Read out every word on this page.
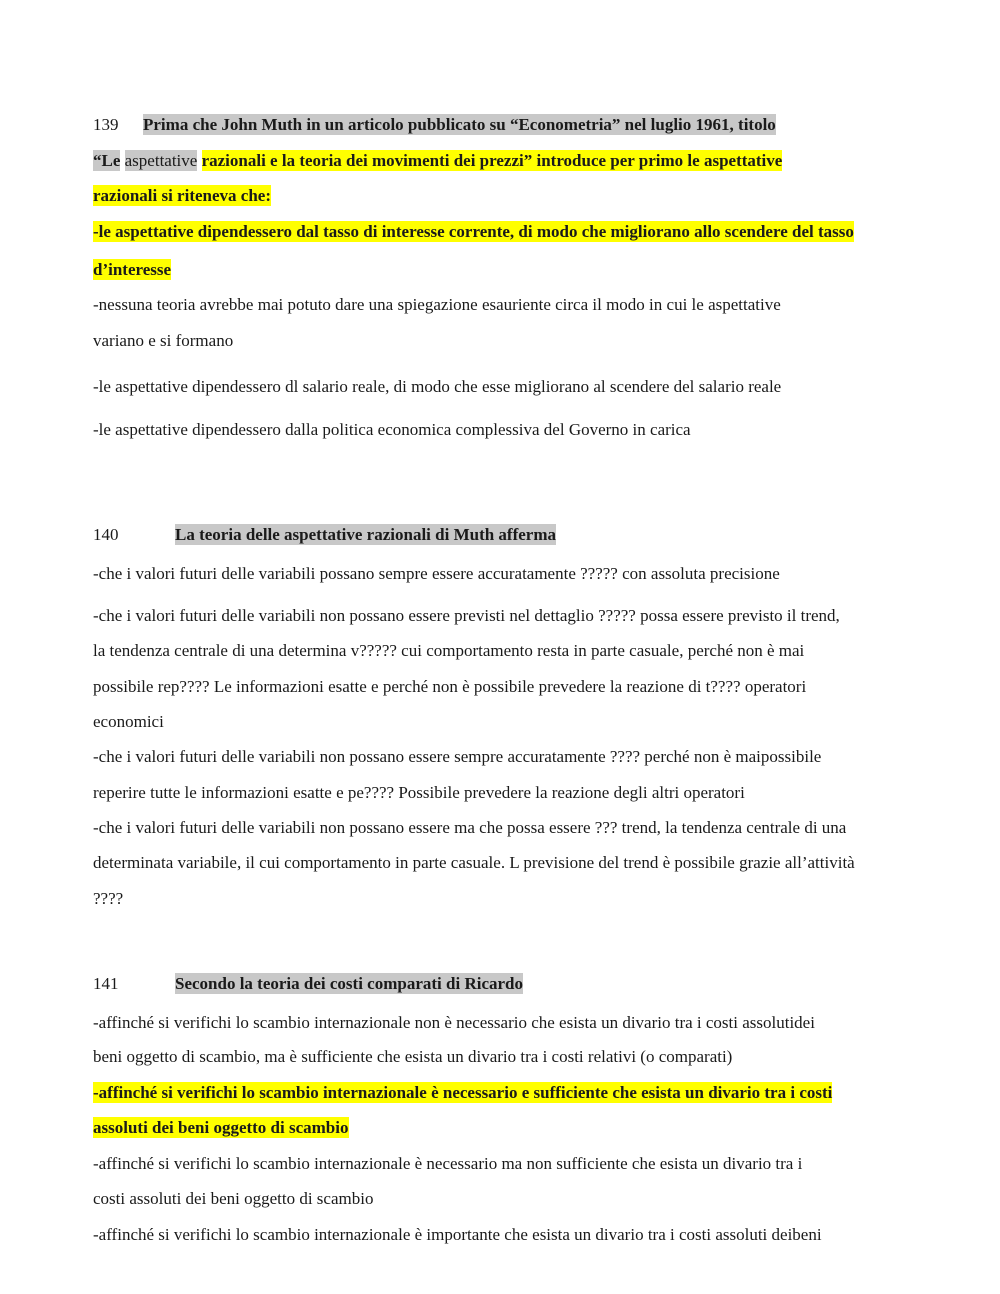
139 Prima che John Muth in un articolo pubblicato su “Econometria” nel luglio 1961, titolo
“Le aspettative razionali e la teoria dei movimenti dei prezzi” introduce per primo le aspettative
razionali si riteneva che:
-le aspettative dipendessero dal tasso di interesse corrente, di modo che migliorano allo scendere del tasso
d’interesse
-nessuna teoria avrebbe mai potuto dare una spiegazione esauriente circa il modo in cui le aspettative
variano e si formano
-le aspettative dipendessero dl salario reale, di modo che esse migliorano al scendere del salario reale
-le aspettative dipendessero dalla politica economica complessiva del Governo in carica
140	La teoria delle aspettative razionali di Muth afferma
-che i valori futuri delle variabili possano sempre essere accuratamente ????? con assoluta precisione
-che i valori futuri delle variabili non possano essere previsti nel dettaglio ????? possa essere previsto il trend,
la tendenza centrale di una determina v????? cui comportamento resta in parte casuale, perché non è mai
possibile rep???? Le informazioni esatte e perché non è possibile prevedere la reazione di t???? operatori
economici
-che i valori futuri delle variabili non possano essere sempre accuratamente ???? perché non è maipossibile
reperire tutte le informazioni esatte e pe???? Possibile prevedere la reazione degli altri operatori
-che i valori futuri delle variabili non possano essere ma che possa essere ??? trend, la tendenza centrale di una
determinata variabile, il cui comportamento in parte casuale. L previsione del trend è possibile grazie all’attività
????
141	Secondo la teoria dei costi comparati di Ricardo
-affinché si verifichi lo scambio internazionale non è necessario che esista un divario tra i costi assolutidei
beni oggetto di scambio, ma è sufficiente che esista un divario tra i costi relativi (o comparati)
-affinché si verifichi lo scambio internazionale è necessario e sufficiente che esista un divario tra i costi
assoluti dei beni oggetto di scambio
-affinché si verifichi lo scambio internazionale è necessario ma non sufficiente che esista un divario tra i
costi assoluti dei beni oggetto di scambio
-affinché si verifichi lo scambio internazionale è importante che esista un divario tra i costi assoluti deibeni
